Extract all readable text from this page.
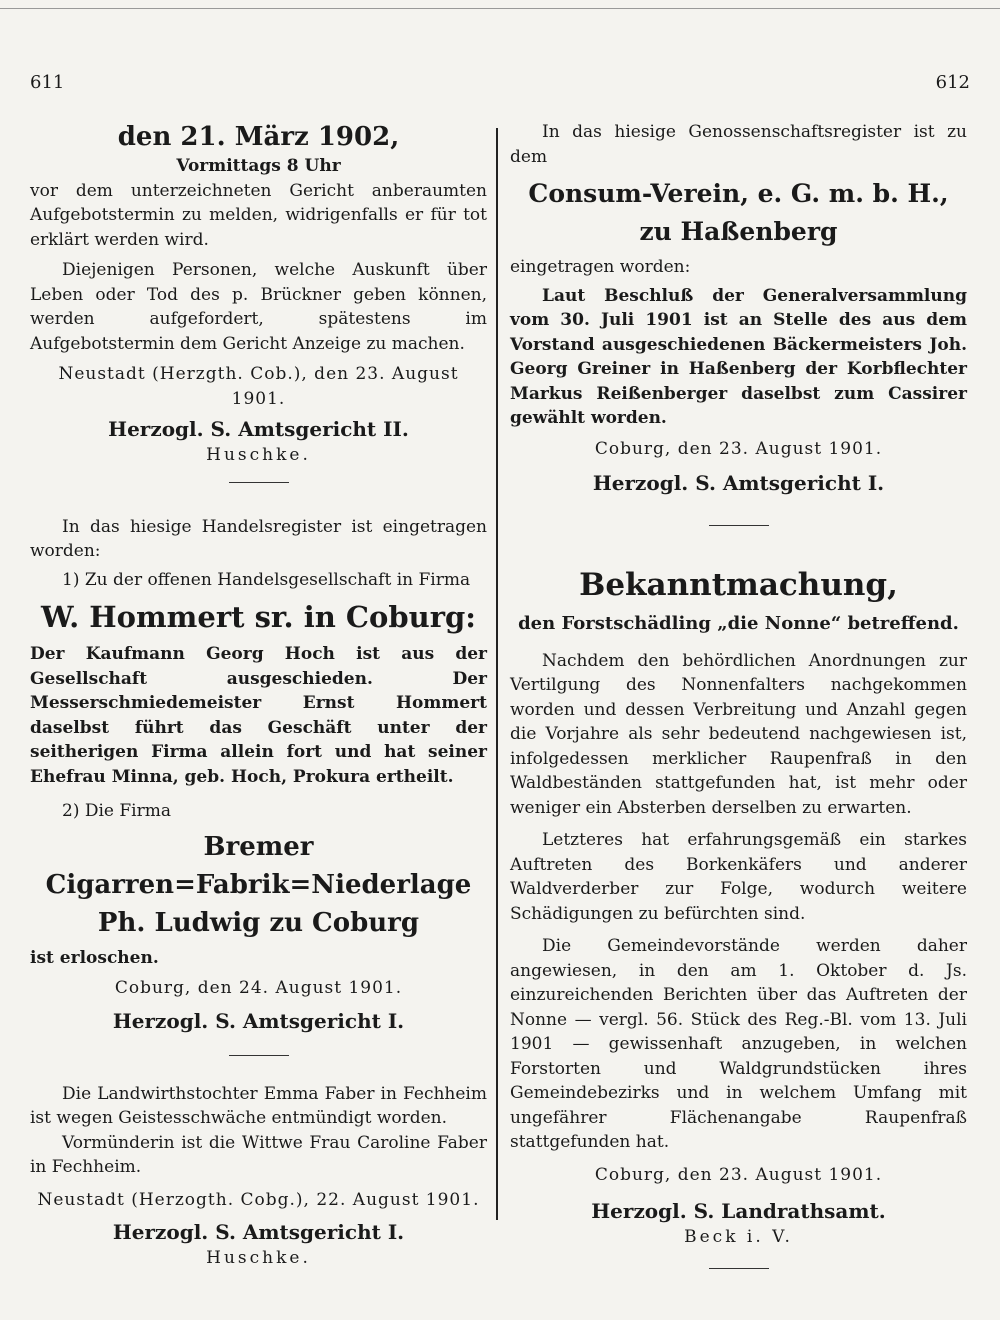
611	612

den 21. März 1902,

Vormittags 8 Uhr

vor dem unterzeichneten Gericht anberaumten Aufgebotstermin zu melden, widrigenfalls er für tot erklärt werden wird.

Diejenigen Personen, welche Auskunft über Leben oder Tod des p. Brückner geben können, werden aufgefordert, spätestens im Aufgebotstermin dem Gericht Anzeige zu machen.

Neustadt (Herzgth. Cob.), den 23. August 1901.

Herzogl. S. Amtsgericht II.

Huschke.

In das hiesige Handelsregister ist eingetragen worden:

1) Zu der offenen Handelsgesellschaft in Firma

W. Hommert sr. in Coburg:

Der Kaufmann Georg Hoch ist aus der Gesellschaft ausgeschieden. Der Messerschmiedemeister Ernst Hommert daselbst führt das Geschäft unter der seitherigen Firma allein fort und hat seiner Ehefrau Minna, geb. Hoch, Prokura ertheilt.

2) Die Firma

Bremer Cigarren=Fabrik=Niederlage

Ph. Ludwig zu Coburg

ist erloschen.

Coburg, den 24. August 1901.

Herzogl. S. Amtsgericht I.

Die Landwirthstochter Emma Faber in Fechheim ist wegen Geistesschwäche entmündigt worden.

Vormünderin ist die Wittwe Frau Caroline Faber in Fechheim.

Neustadt (Herzogth. Cobg.), 22. August 1901.

Herzogl. S. Amtsgericht I.

Huschke.

In das hiesige Genossenschaftsregister ist zu dem

Consum-Verein, e. G. m. b. H., zu Haßenberg

eingetragen worden:

Laut Beschluß der Generalversammlung vom 30. Juli 1901 ist an Stelle des aus dem Vorstand ausgeschiedenen Bäckermeisters Joh. Georg Greiner in Haßenberg der Korbflechter Markus Reißenberger daselbst zum Cassirer gewählt worden.

Coburg, den 23. August 1901.

Herzogl. S. Amtsgericht I.

Bekanntmachung,

den Forstschädling „die Nonne“ betreffend.

Nachdem den behördlichen Anordnungen zur Vertilgung des Nonnenfalters nachgekommen worden und dessen Verbreitung und Anzahl gegen die Vorjahre als sehr bedeutend nachgewiesen ist, infolgedessen merklicher Raupenfraß in den Waldbeständen stattgefunden hat, ist mehr oder weniger ein Absterben derselben zu erwarten.

Letzteres hat erfahrungsgemäß ein starkes Auftreten des Borkenkäfers und anderer Waldverderber zur Folge, wodurch weitere Schädigungen zu befürchten sind.

Die Gemeindevorstände werden daher angewiesen, in den am 1. Oktober d. Js. einzureichenden Berichten über das Auftreten der Nonne — vergl. 56. Stück des Reg.-Bl. vom 13. Juli 1901 — gewissenhaft anzugeben, in welchen Forstorten und Waldgrundstücken ihres Gemeindebezirks und in welchem Umfang mit ungefährer Flächenangabe Raupenfraß stattgefunden hat.

Coburg, den 23. August 1901.

Herzogl. S. Landrathsamt.

Beck i. V.
